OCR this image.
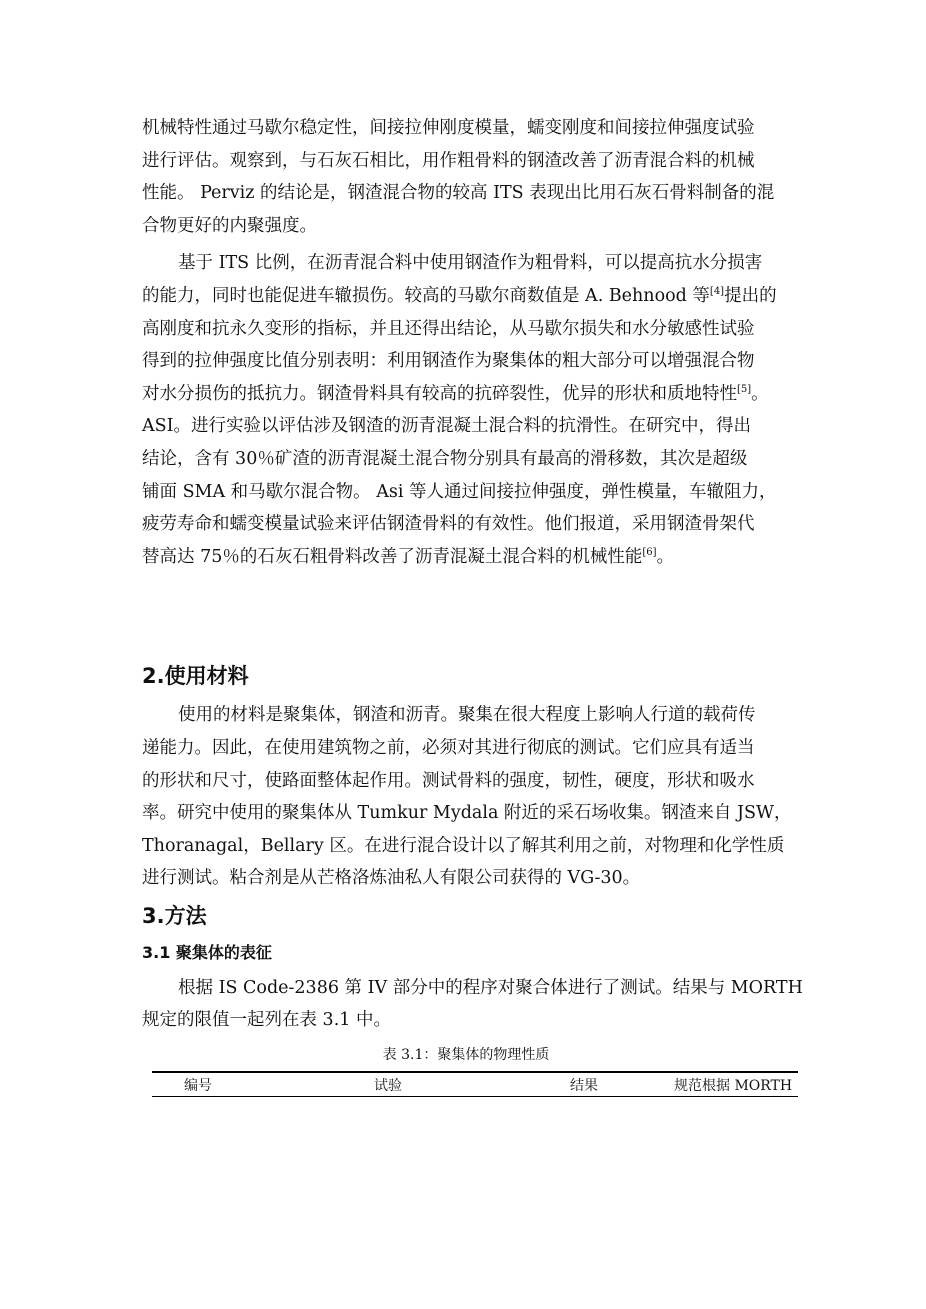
机械特性通过马歇尔稳定性，间接拉伸刚度模量，蠕变刚度和间接拉伸强度试验
进行评估。观察到，与石灰石相比，用作粗骨料的钢渣改善了沥青混合料的机械
性能。 Perviz 的结论是，钢渣混合物的较高 ITS 表现出比用石灰石骨料制备的混
合物更好的内聚强度。

基于 ITS 比例，在沥青混合料中使用钢渣作为粗骨料，可以提高抗水分损害
的能力，同时也能促进车辙损伤。较高的马歇尔商数值是 A. Behnood 等[4]提出的
高刚度和抗永久变形的指标，并且还得出结论，从马歇尔损失和水分敏感性试验
得到的拉伸强度比值分别表明：利用钢渣作为聚集体的粗大部分可以增强混合物
对水分损伤的抵抗力。钢渣骨料具有较高的抗碎裂性，优异的形状和质地特性[5]。
ASI。进行实验以评估涉及钢渣的沥青混凝土混合料的抗滑性。在研究中，得出
结论，含有 30％矿渣的沥青混凝土混合物分别具有最高的滑移数，其次是超级
铺面 SMA 和马歇尔混合物。 Asi 等人通过间接拉伸强度，弹性模量，车辙阻力，
疲劳寿命和蠕变模量试验来评估钢渣骨料的有效性。他们报道，采用钢渣骨架代
替高达 75％的石灰石粗骨料改善了沥青混凝土混合料的机械性能[6]。

2.使用材料

使用的材料是聚集体，钢渣和沥青。聚集在很大程度上影响人行道的载荷传
递能力。因此，在使用建筑物之前，必须对其进行彻底的测试。它们应具有适当
的形状和尺寸，使路面整体起作用。测试骨料的强度，韧性，硬度，形状和吸水
率。研究中使用的聚集体从 Tumkur Mydala 附近的采石场收集。钢渣来自 JSW，
Thoranagal，Bellary 区。在进行混合设计以了解其利用之前，对物理和化学性质
进行测试。粘合剂是从芒格洛炼油私人有限公司获得的 VG-30。

3.方法
3.1 聚集体的表征

根据 IS Code-2386 第 IV 部分中的程序对聚合体进行了测试。结果与 MORTH
规定的限值一起列在表 3.1 中。

表 3.1：聚集体的物理性质

编号	试验	结果	规范根据 MORTH
